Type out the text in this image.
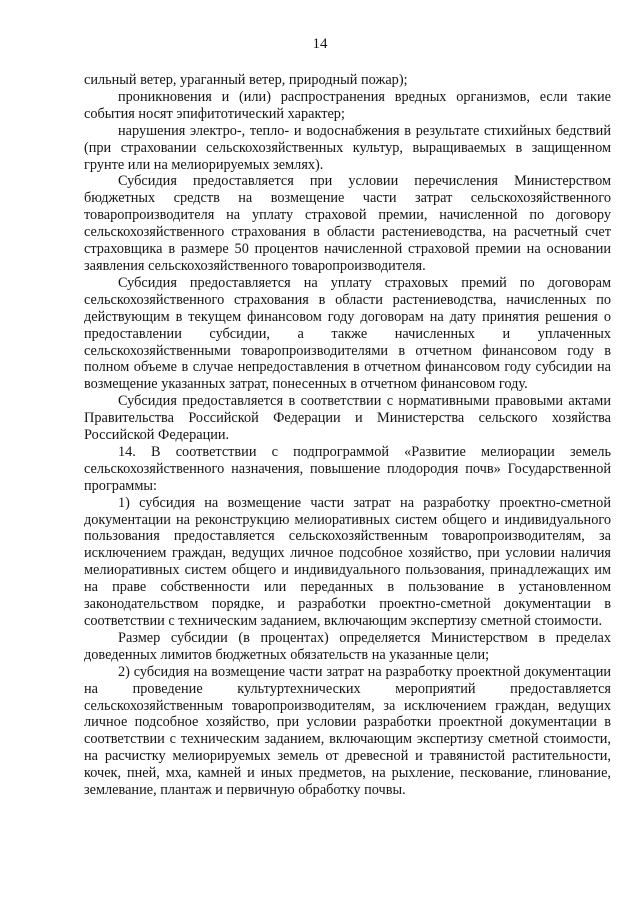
14

сильный ветер, ураганный ветер, природный пожар);

проникновения и (или) распространения вредных организмов, если такие события носят эпифитотический характер;

нарушения электро-, тепло- и водоснабжения в результате стихийных бедствий (при страховании сельскохозяйственных культур, выращиваемых в защищенном грунте или на мелиорируемых землях).

Субсидия предоставляется при условии перечисления Министерством бюджетных средств на возмещение части затрат сельскохозяйственного товаропроизводителя на уплату страховой премии, начисленной по договору сельскохозяйственного страхования в области растениеводства, на расчетный счет страховщика в размере 50 процентов начисленной страховой премии на основании заявления сельскохозяйственного товаропроизводителя.

Субсидия предоставляется на уплату страховых премий по договорам сельскохозяйственного страхования в области растениеводства, начисленных по действующим в текущем финансовом году договорам на дату принятия решения о предоставлении субсидии, а также начисленных и уплаченных сельскохозяйственными товаропроизводителями в отчетном финансовом году в полном объеме в случае непредоставления в отчетном финансовом году субсидии на возмещение указанных затрат, понесенных в отчетном финансовом году.

Субсидия предоставляется в соответствии с нормативными правовыми актами Правительства Российской Федерации и Министерства сельского хозяйства Российской Федерации.

14. В соответствии с подпрограммой «Развитие мелиорации земель сельскохозяйственного назначения, повышение плодородия почв» Государственной программы:

1) субсидия на возмещение части затрат на разработку проектно-сметной документации на реконструкцию мелиоративных систем общего и индивидуального пользования предоставляется сельскохозяйственным товаропроизводителям, за исключением граждан, ведущих личное подсобное хозяйство, при условии наличия мелиоративных систем общего и индивидуального пользования, принадлежащих им на праве собственности или переданных в пользование в установленном законодательством порядке, и разработки проектно-сметной документации в соответствии с техническим заданием, включающим экспертизу сметной стоимости.

Размер субсидии (в процентах) определяется Министерством в пределах доведенных лимитов бюджетных обязательств на указанные цели;

2) субсидия на возмещение части затрат на разработку проектной документации на проведение культуртехнических мероприятий предоставляется сельскохозяйственным товаропроизводителям, за исключением граждан, ведущих личное подсобное хозяйство, при условии разработки проектной документации в соответствии с техническим заданием, включающим экспертизу сметной стоимости, на расчистку мелиорируемых земель от древесной и травянистой растительности, кочек, пней, мха, камней и иных предметов, на рыхление, пескование, глинование, землевание, плантаж и первичную обработку почвы.
